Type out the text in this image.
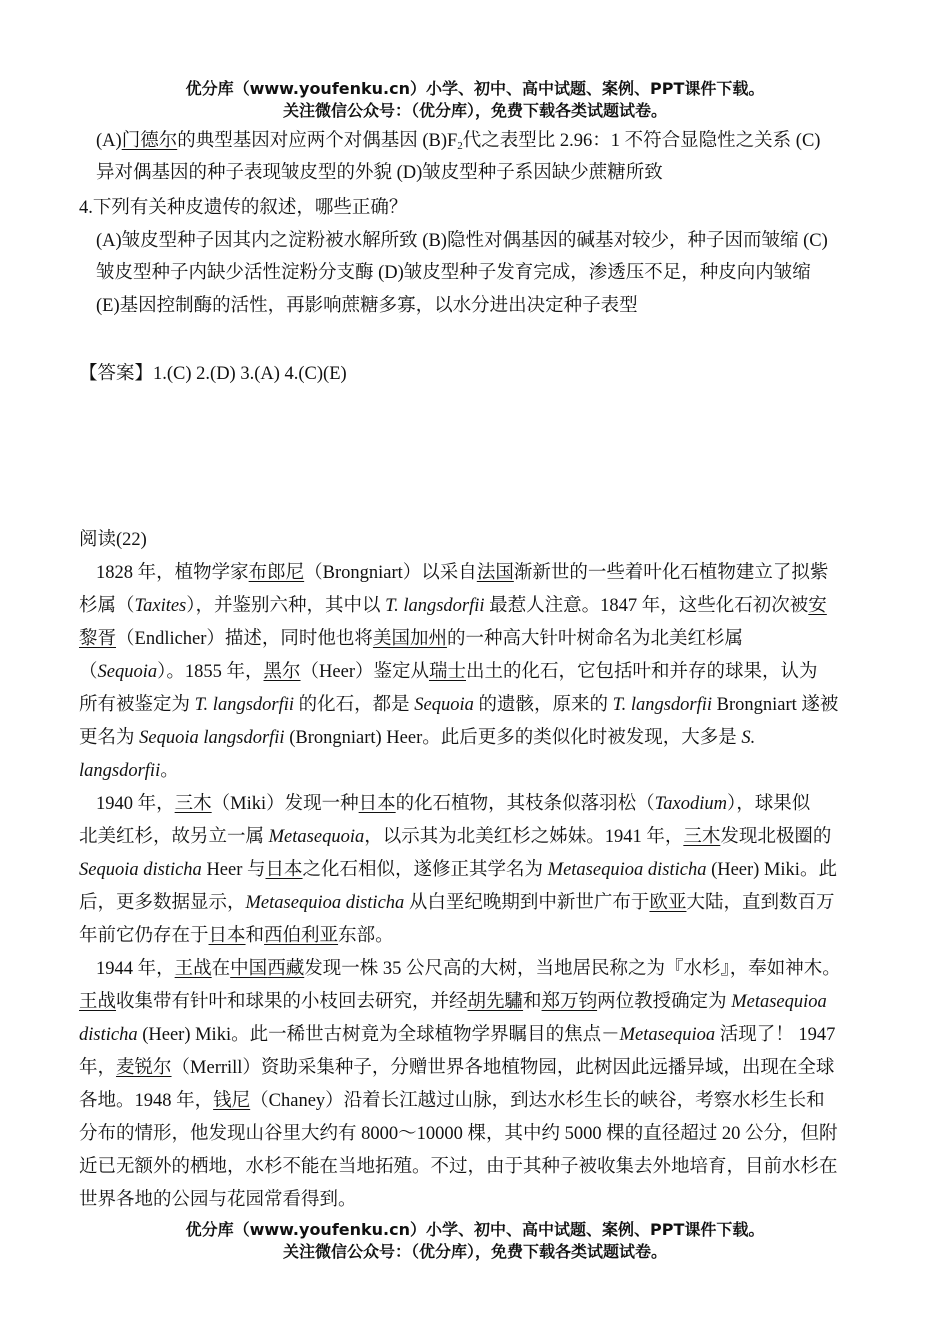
优分库（www.youfenku.cn）小学、初中、高中试题、案例、PPT课件下载。
关注微信公众号：（优分库），免费下载各类试题试卷。
(A)门德尔的典型基因对应两个对偶基因 $(B)F_2$代之表型比 2.96：1 不符合显隐性之关系 (C)
异对偶基因的种子表现皱皮型的外貌 (D)皱皮型种子系因缺少蔗糖所致
4.下列有关种皮遗传的叙述，哪些正确？
(A)皱皮型种子因其内之淀粉被水解所致 (B)隐性对偶基因的碱基对较少，种子因而皱缩 (C)
皱皮型种子内缺少活性淀粉分支酶 (D)皱皮型种子发育完成，渗透压不足，种皮向内皱缩
(E)基因控制酶的活性，再影响蔗糖多寡，以水分进出决定种子表型
【答案】1.(C) 2.(D) 3.(A) 4.(C)(E)
阅读(22)
1828 年，植物学家布郎尼（Brongniart）以采自法国渐新世的一些着叶化石植物建立了拟紫
杉属（Taxites），并鉴别六种，其中以 T. langsdorfii 最惹人注意。1847 年，这些化石初次被安
黎胥（Endlicher）描述，同时他也将美国加州的一种高大针叶树命名为北美红杉属
（Sequoia）。1855 年，黑尔（Heer）鉴定从瑞士出土的化石，它包括叶和并存的球果，认为
所有被鉴定为 T. langsdorfii 的化石，都是 Sequoia 的遗骸，原来的 T. langsdorfii Brongniart 遂被
更名为 Sequoia langsdorfii (Brongniart) Heer。此后更多的类似化时被发现，大多是 S.
langsdorfii。
1940 年，三木（Miki）发现一种日本的化石植物，其枝条似落羽松（Taxodium），球果似
北美红杉，故另立一属 Metasequoia，以示其为北美红杉之姊妹。1941 年，三木发现北极圈的
Sequoia disticha Heer 与日本之化石相似，遂修正其学名为 Metasequioa disticha (Heer) Miki。此
后，更多数据显示，Metasequioa disticha 从白垩纪晚期到中新世广布于欧亚大陆，直到数百万
年前它仍存在于日本和西伯利亚东部。
1944 年，王战在中国西藏发现一株 35 公尺高的大树，当地居民称之为『水杉』，奉如神木。
王战收集带有针叶和球果的小枝回去研究，并经胡先驌和郑万钧两位教授确定为 Metasequioa
disticha (Heer) Miki。此一稀世古树竟为全球植物学界瞩目的焦点－Metasequioa 活现了！ 1947
年，麦锐尔（Merrill）资助采集种子，分赠世界各地植物园，此树因此远播异域，出现在全球
各地。1948 年，钱尼（Chaney）沿着长江越过山脉，到达水杉生长的峡谷，考察水杉生长和
分布的情形，他发现山谷里大约有 8000～10000 棵，其中约 5000 棵的直径超过 20 公分，但附
近已无额外的栖地，水杉不能在当地拓殖。不过，由于其种子被收集去外地培育，目前水杉在
世界各地的公园与花园常看得到。
优分库（www.youfenku.cn）小学、初中、高中试题、案例、PPT课件下载。
关注微信公众号：（优分库），免费下载各类试题试卷。
